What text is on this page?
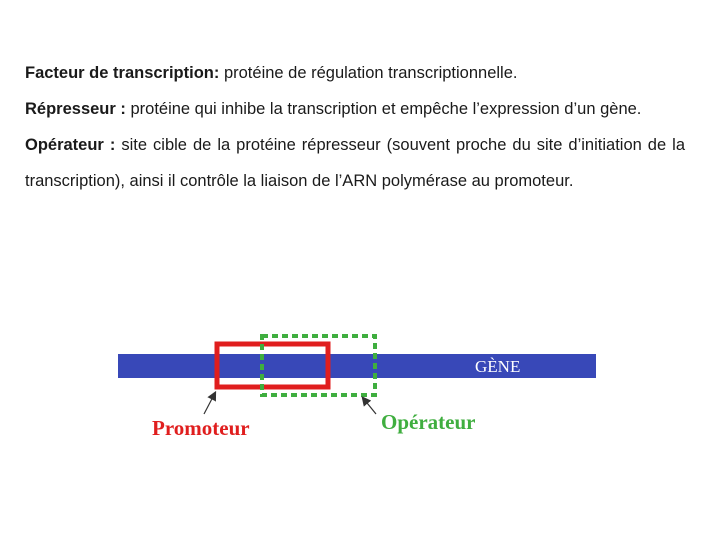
Facteur de transcription: protéine de régulation transcriptionnelle.

Répresseur : protéine qui inhibe la transcription et empêche l’expression d’un gène.

Opérateur : site cible de la protéine répresseur (souvent proche du site d’initiation de la transcription), ainsi il contrôle la liaison de l’ARN polymérase au promoteur.

GÈNE
Promoteur	Opérateur
